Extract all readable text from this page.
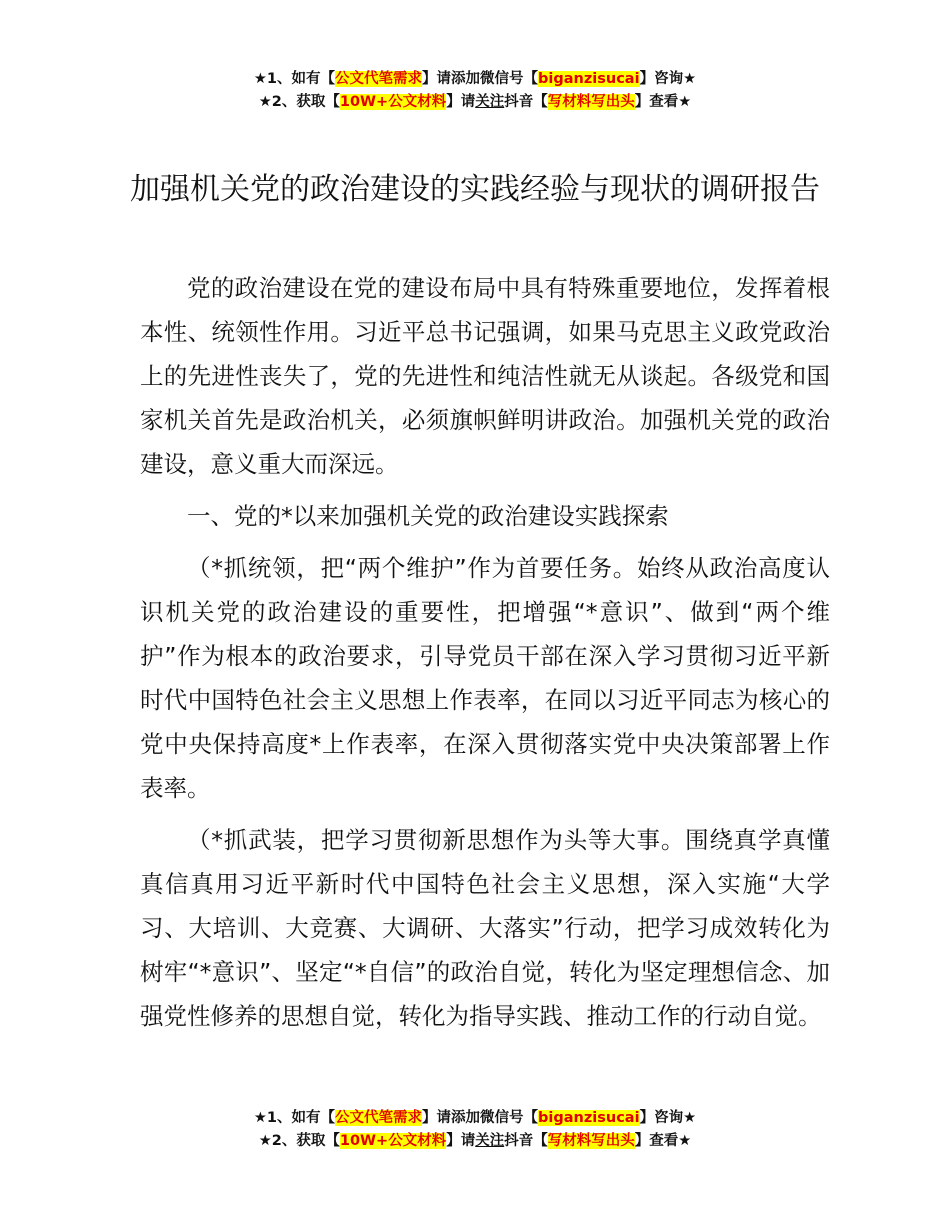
★1、如有【公文代笔需求】请添加微信号【biganzisucai】咨询★
★2、获取【10W+公文材料】请关注抖音【写材料写出头】查看★
加强机关党的政治建设的实践经验与现状的调研报告

党的政治建设在党的建设布局中具有特殊重要地位，发挥着根本性、统领性作用。习近平总书记强调，如果马克思主义政党政治上的先进性丧失了，党的先进性和纯洁性就无从谈起。各级党和国家机关首先是政治机关，必须旗帜鲜明讲政治。加强机关党的政治建设，意义重大而深远。

一、党的*以来加强机关党的政治建设实践探索

（*抓统领，把“两个维护”作为首要任务。始终从政治高度认识机关党的政治建设的重要性，把增强“*意识”、做到“两个维护”作为根本的政治要求，引导党员干部在深入学习贯彻习近平新时代中国特色社会主义思想上作表率，在同以习近平同志为核心的党中央保持高度*上作表率，在深入贯彻落实党中央决策部署上作表率。

（*抓武装，把学习贯彻新思想作为头等大事。围绕真学真懂真信真用习近平新时代中国特色社会主义思想，深入实施“大学习、大培训、大竞赛、大调研、大落实”行动，把学习成效转化为树牢“*意识”、坚定“*自信”的政治自觉，转化为坚定理想信念、加强党性修养的思想自觉，转化为指导实践、推动工作的行动自觉。

★1、如有【公文代笔需求】请添加微信号【biganzisucai】咨询★
★2、获取【10W+公文材料】请关注抖音【写材料写出头】查看★
